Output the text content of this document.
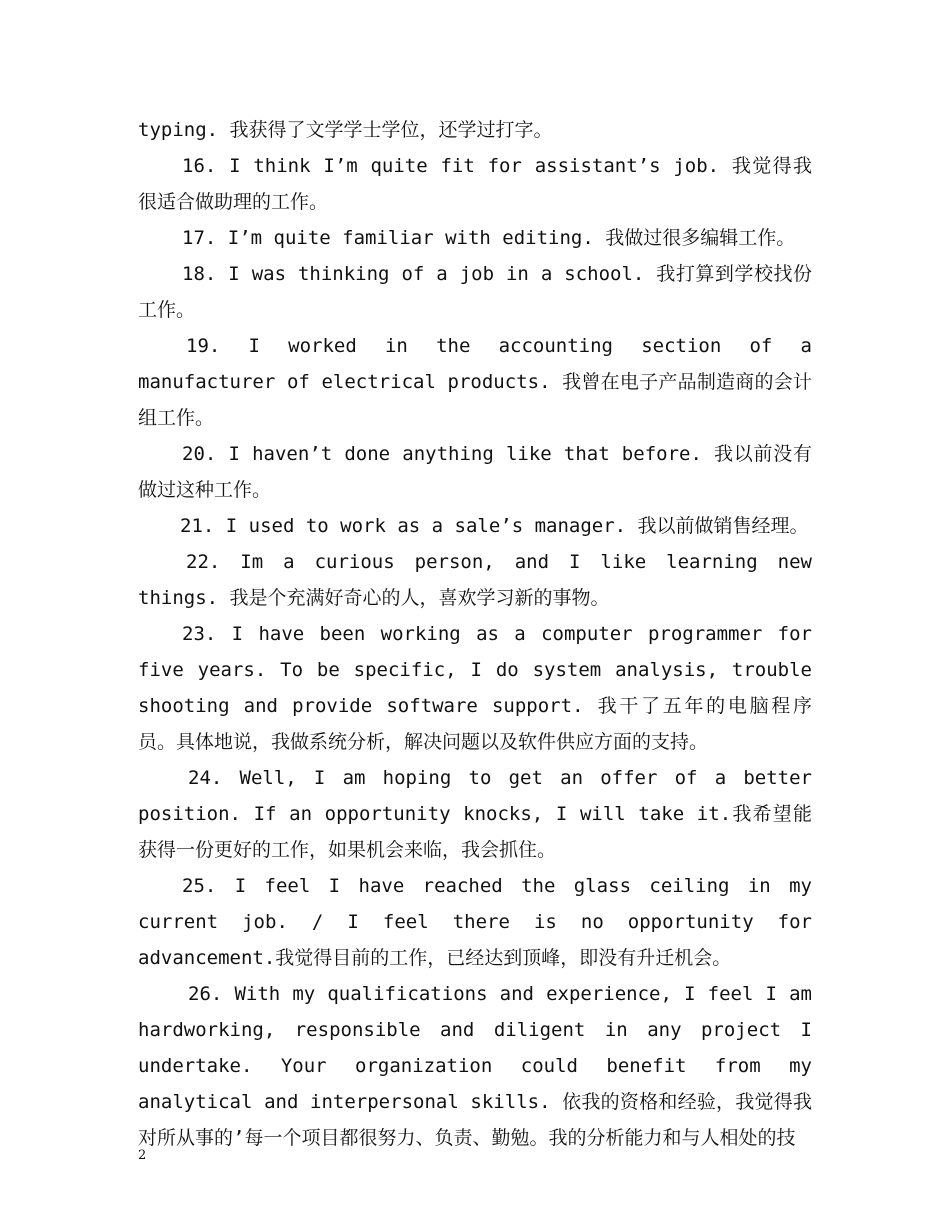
typing. 我获得了文学学士学位，还学过打字。

16. I think I’m quite fit for assistant’s job. 我觉得我很适合做助理的工作。

17. I’m quite familiar with editing. 我做过很多编辑工作。

18. I was thinking of a job in a school. 我打算到学校找份工作。

19. I worked in the accounting section of a manufacturer of electrical products. 我曾在电子产品制造商的会计组工作。

20. I haven’t done anything like that before. 我以前没有做过这种工作。

21. I used to work as a sale’s manager. 我以前做销售经理。

22. Im a curious person, and I like learning new things. 我是个充满好奇心的人，喜欢学习新的事物。

23. I have been working as a computer programmer for five years. To be specific, I do system analysis, trouble shooting and provide software support. 我干了五年的电脑程序员。具体地说，我做系统分析，解决问题以及软件供应方面的支持。

24. Well, I am hoping to get an offer of a better position. If an opportunity knocks, I will take it.我希望能获得一份更好的工作，如果机会来临，我会抓住。

25. I feel I have reached the glass ceiling in my current job. / I feel there is no opportunity for advancement.我觉得目前的工作，已经达到顶峰，即没有升迁机会。

26. With my qualifications and experience, I feel I am hardworking, responsible and diligent in any project I undertake. Your organization could benefit from my analytical and interpersonal skills. 依我的资格和经验，我觉得我对所从事的’每一个项目都很努力、负责、勤勉。我的分析能力和与人相处的技

2
